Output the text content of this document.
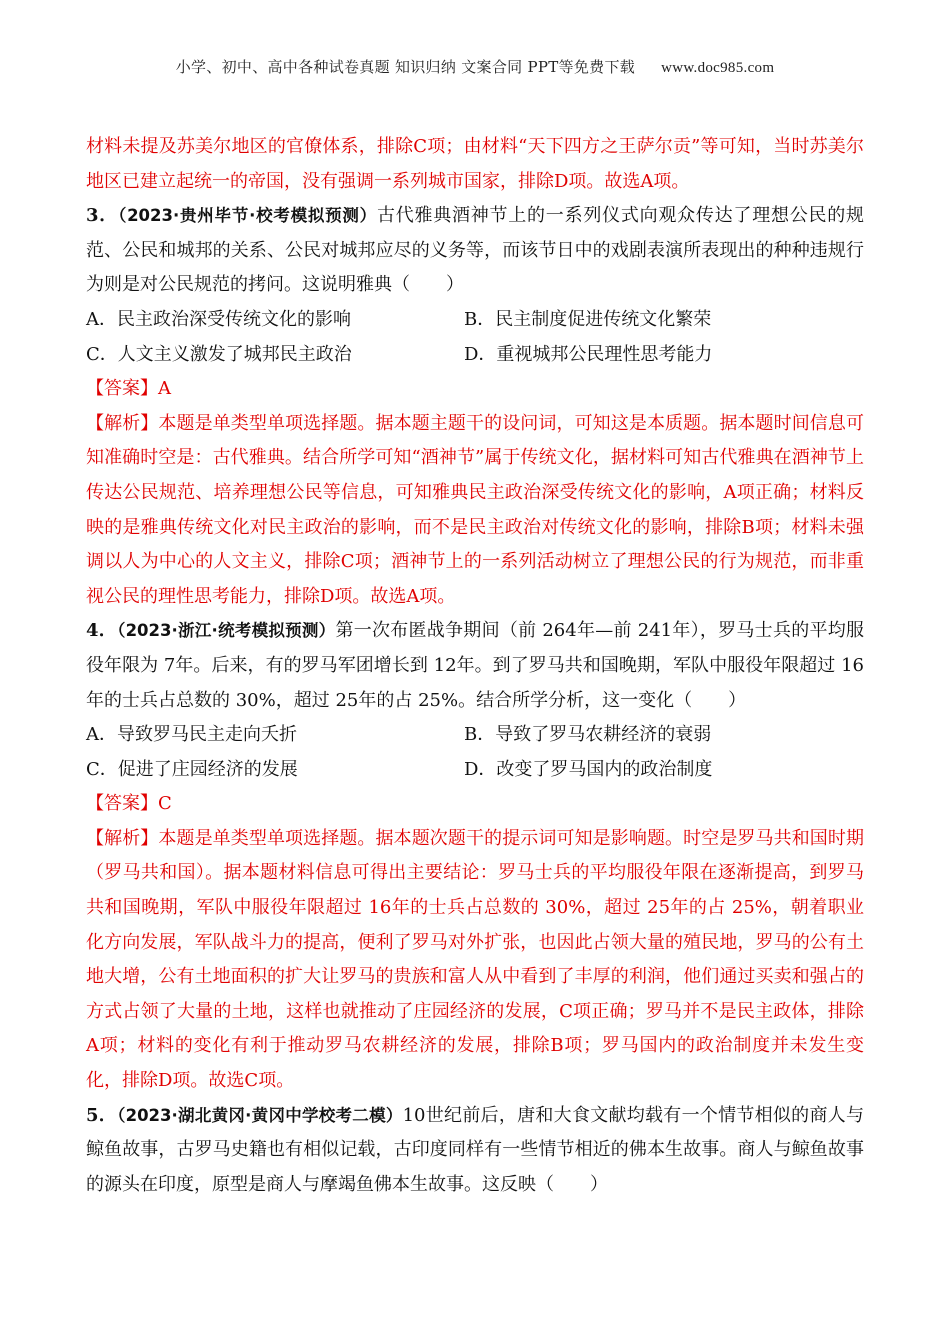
小学、初中、高中各种试卷真题 知识归纳 文案合同 PPT等免费下载 www.doc985.com

材料未提及苏美尔地区的官僚体系，排除C项；由材料“天下四方之王萨尔贡”等可知，当时苏美尔地区已建立起统一的帝国，没有强调一系列城市国家，排除D项。故选A项。

3．（2023·贵州毕节·校考模拟预测）古代雅典酒神节上的一系列仪式向观众传达了理想公民的规范、公民和城邦的关系、公民对城邦应尽的义务等，而该节日中的戏剧表演所表现出的种种违规行为则是对公民规范的拷问。这说明雅典（　　）

A．民主政治深受传统文化的影响	B．民主制度促进传统文化繁荣
C．人文主义激发了城邦民主政治	D．重视城邦公民理性思考能力

【答案】A

【解析】本题是单类型单项选择题。据本题主题干的设问词，可知这是本质题。据本题时间信息可知准确时空是：古代雅典。结合所学可知“酒神节”属于传统文化，据材料可知古代雅典在酒神节上传达公民规范、培养理想公民等信息，可知雅典民主政治深受传统文化的影响，A项正确；材料反映的是雅典传统文化对民主政治的影响，而不是民主政治对传统文化的影响，排除B项；材料未强调以人为中心的人文主义，排除C项；酒神节上的一系列活动树立了理想公民的行为规范，而非重视公民的理性思考能力，排除D项。故选A项。

4．（2023·浙江·统考模拟预测）第一次布匿战争期间（前 264年—前 241年），罗马士兵的平均服役年限为 7年。后来，有的罗马军团增长到 12年。到了罗马共和国晚期，军队中服役年限超过 16年的士兵占总数的 30%，超过 25年的占 25%。结合所学分析，这一变化（　　）

A．导致罗马民主走向夭折	B．导致了罗马农耕经济的衰弱
C．促进了庄园经济的发展	D．改变了罗马国内的政治制度

【答案】C

【解析】本题是单类型单项选择题。据本题次题干的提示词可知是影响题。时空是罗马共和国时期（罗马共和国）。据本题材料信息可得出主要结论：罗马士兵的平均服役年限在逐渐提高，到罗马共和国晚期，军队中服役年限超过 16年的士兵占总数的 30%，超过 25年的占 25%，朝着职业化方向发展，军队战斗力的提高，便利了罗马对外扩张，也因此占领大量的殖民地，罗马的公有土地大增，公有土地面积的扩大让罗马的贵族和富人从中看到了丰厚的利润，他们通过买卖和强占的方式占领了大量的土地，这样也就推动了庄园经济的发展，C项正确；罗马并不是民主政体，排除A项；材料的变化有利于推动罗马农耕经济的发展，排除B项；罗马国内的政治制度并未发生变化，排除D项。故选C项。

5．（2023·湖北黄冈·黄冈中学校考二模）10世纪前后，唐和大食文献均载有一个情节相似的商人与鲸鱼故事，古罗马史籍也有相似记载，古印度同样有一些情节相近的佛本生故事。商人与鲸鱼故事的源头在印度，原型是商人与摩竭鱼佛本生故事。这反映（　　）
